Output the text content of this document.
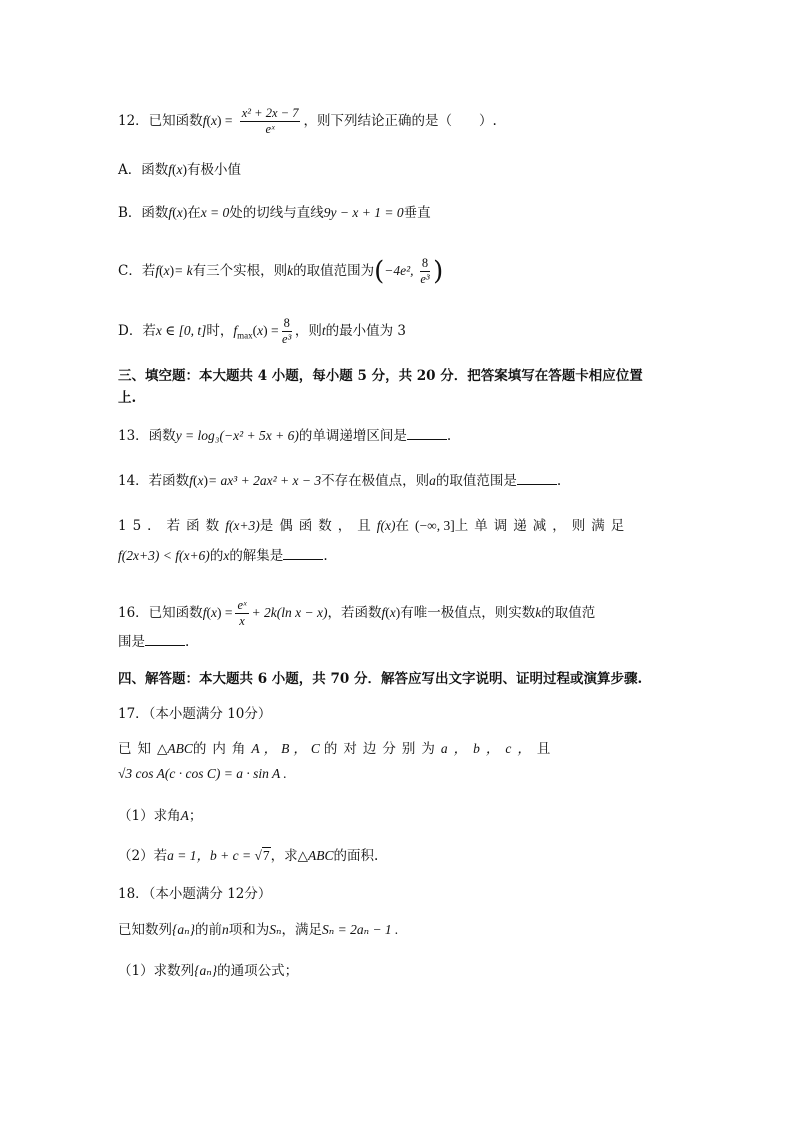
12．已知函数$f(x) = \frac{\text{x² + 2x − 7}}{\text{eˣ}}$ ，则下列结论正确的是（　　）.
A．函数f(x)有极小值
B．函数f(x)在x = 0处的切线与直线9y − x + 1 = 0垂直
C．若f(x)= k有三个实根，则k的取值范围为(−4e², $\frac{8}{\text{e³}}$ )
D．若x ∈ [0, t]时，$f_{max}(x) = \frac{8}{\text{e³}}$ ，则t的最小值为 3
三、填空题：本大题共 4 小题，每小题 5 分，共 20 分．把答案填写在答题卡相应位置
上.
13．函数y = log₃(−x² + 5x + 6)的单调递增区间是	.
14．若函数f(x)= ax³ + 2ax² + x − 3不存在极值点，则a的取值范围是	.
15．若函数f(x+3)是偶函数，且f(x)在(−∞, 3]上单调递减，则满足
f(2x+3) < f(x+6)的x的解集是	.
16．已知函数$f(x) = \frac{\text{eˣ}}{x} + 2k(\ln$ x − x)，若函数f(x)有唯一极值点，则实数k的取值范
围是	.
四、解答题：本大题共 6 小题，共 70 分．解答应写出文字说明、证明过程或演算步骤.
17．（本小题满分 10分）
已知△ABC的内角A，B，C的对边分别为a，b，c，且
√3 cos A(c · cos C) = a · sin A .
（1）求角A；
（2）若a = 1，b + c = √7，求△ABC的面积.
18．（本小题满分 12分）
已知数列{aₙ}的前n项和为Sₙ，满足Sₙ = 2aₙ − 1 .
（1）求数列{aₙ}的通项公式；
